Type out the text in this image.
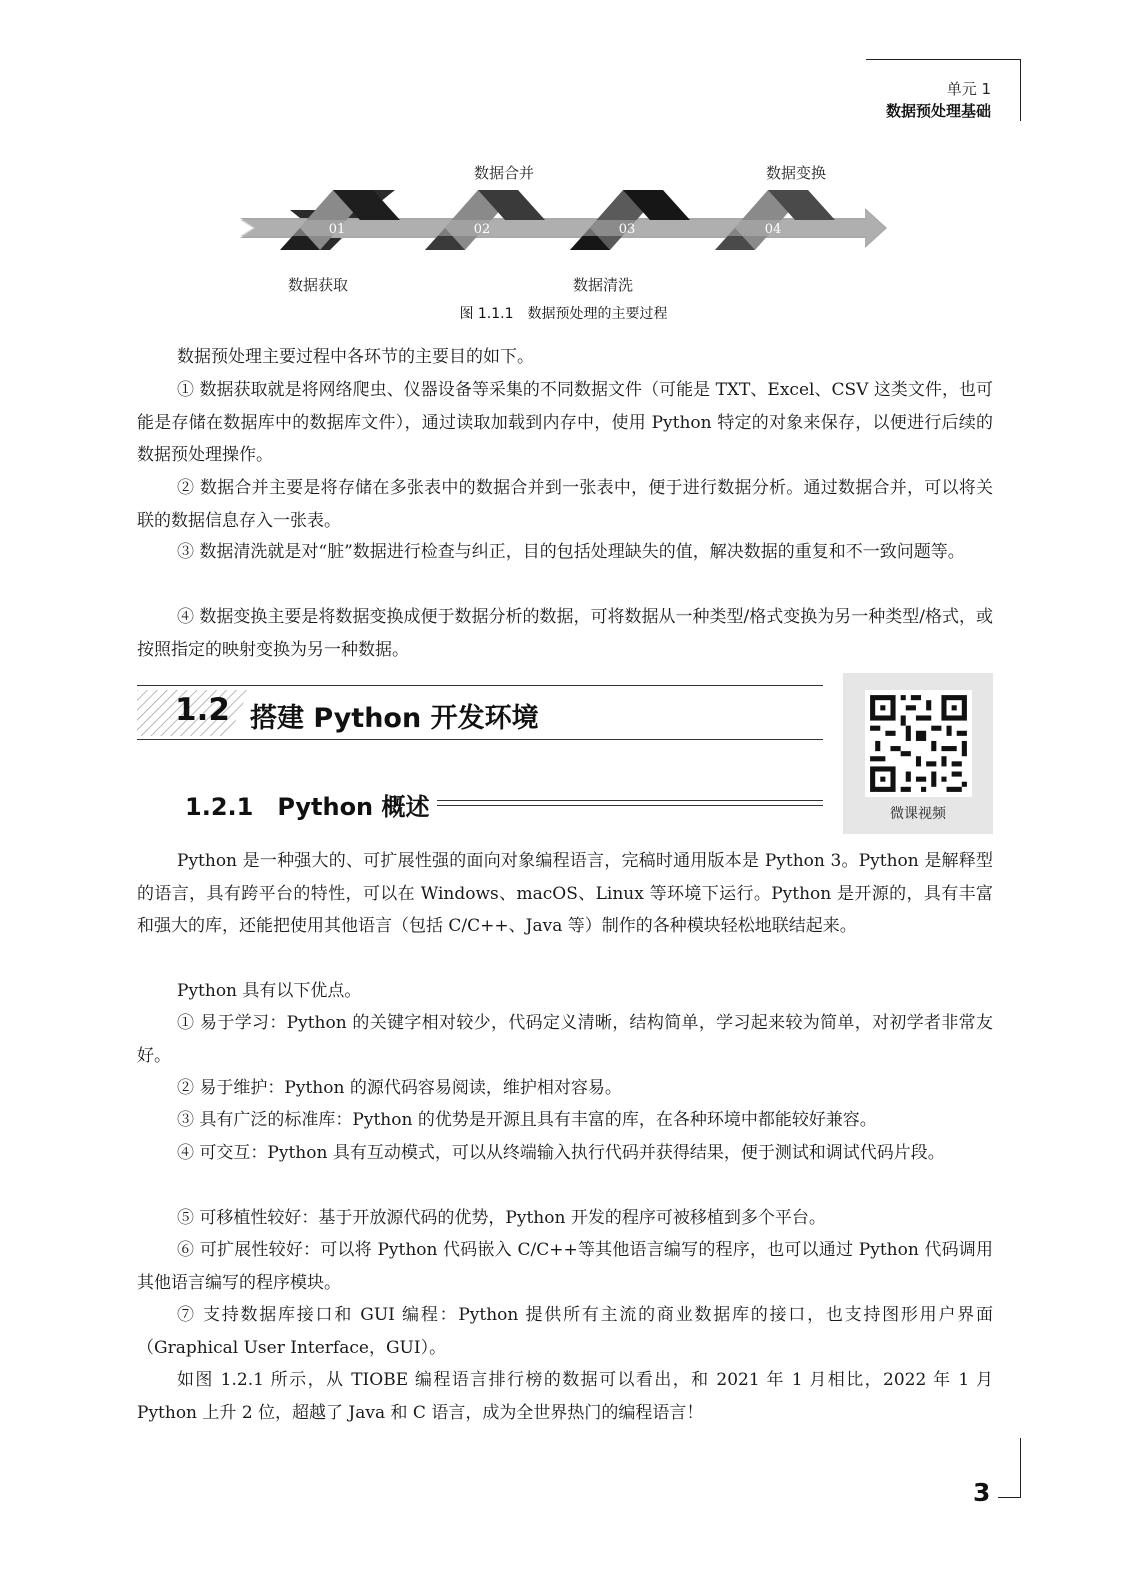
单元 1
数据预处理基础
01	02	03	04
数据获取
数据合并
数据清洗
数据变换
图 1.1.1　数据预处理的主要过程
数据预处理主要过程中各环节的主要目的如下。
① 数据获取就是将网络爬虫、仪器设备等采集的不同数据文件（可能是 TXT、Excel、CSV 这类文件，也可能是存储在数据库中的数据库文件），通过读取加载到内存中，使用 Python 特定的对象来保存，以便进行后续的数据预处理操作。
② 数据合并主要是将存储在多张表中的数据合并到一张表中，便于进行数据分析。通过数据合并，可以将关联的数据信息存入一张表。
③ 数据清洗就是对“脏”数据进行检查与纠正，目的包括处理缺失的值，解决数据的重复和不一致问题等。
④ 数据变换主要是将数据变换成便于数据分析的数据，可将数据从一种类型/格式变换为另一种类型/格式，或按照指定的映射变换为另一种数据。
1.2 搭建 Python 开发环境
1.2.1　Python 概述	微课视频
Python 是一种强大的、可扩展性强的面向对象编程语言，完稿时通用版本是 Python 3。Python 是解释型的语言，具有跨平台的特性，可以在 Windows、macOS、Linux 等环境下运行。Python 是开源的，具有丰富和强大的库，还能把使用其他语言（包括 C/C++、Java 等）制作的各种模块轻松地联结起来。
Python 具有以下优点。
① 易于学习：Python 的关键字相对较少，代码定义清晰，结构简单，学习起来较为简单，对初学者非常友好。
② 易于维护：Python 的源代码容易阅读，维护相对容易。
③ 具有广泛的标准库：Python 的优势是开源且具有丰富的库，在各种环境中都能较好兼容。
④ 可交互：Python 具有互动模式，可以从终端输入执行代码并获得结果，便于测试和调试代码片段。
⑤ 可移植性较好：基于开放源代码的优势，Python 开发的程序可被移植到多个平台。
⑥ 可扩展性较好：可以将 Python 代码嵌入 C/C++等其他语言编写的程序，也可以通过 Python 代码调用其他语言编写的程序模块。
⑦ 支持数据库接口和 GUI 编程：Python 提供所有主流的商业数据库的接口，也支持图形用户界面（Graphical User Interface，GUI）。
如图 1.2.1 所示，从 TIOBE 编程语言排行榜的数据可以看出，和 2021 年 1 月相比，2022 年 1 月 Python 上升 2 位，超越了 Java 和 C 语言，成为全世界热门的编程语言！
3
